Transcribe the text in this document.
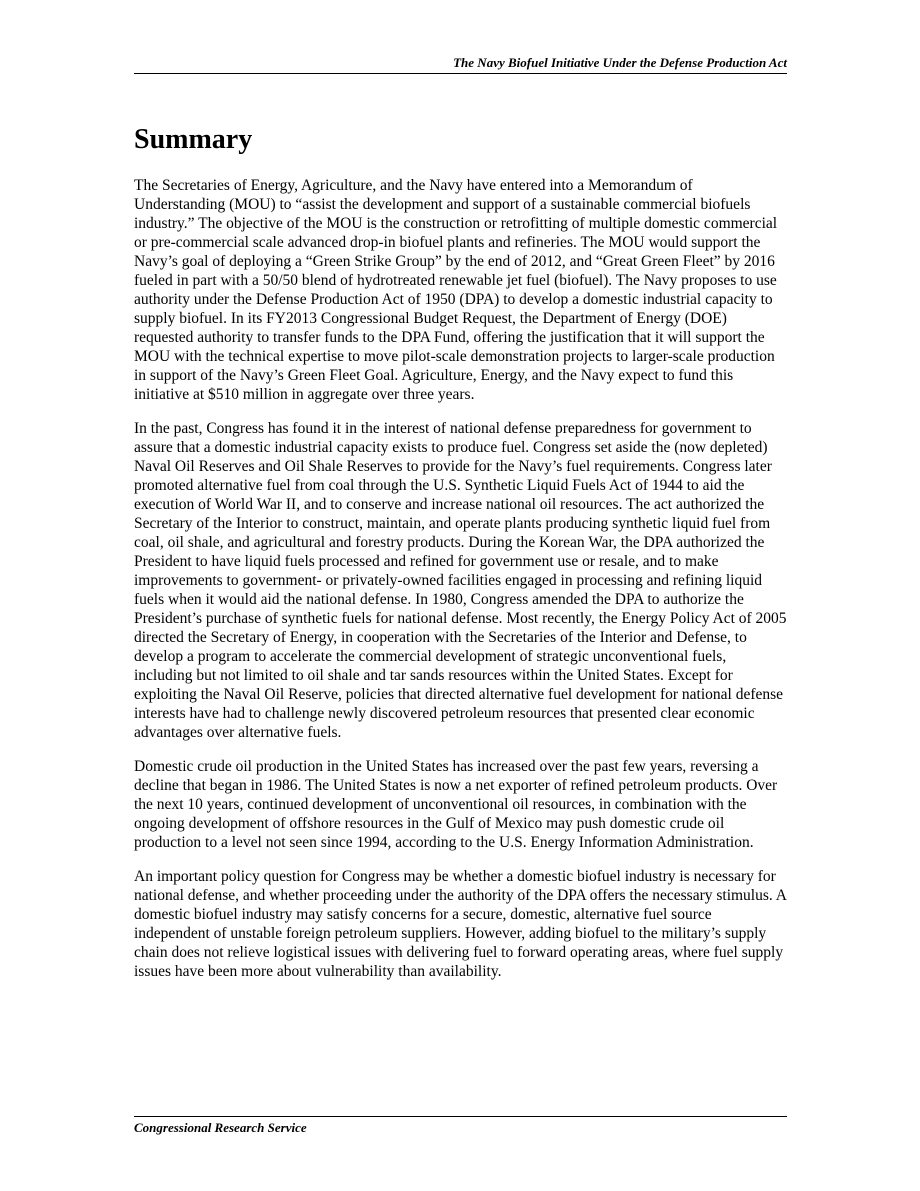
The Navy Biofuel Initiative Under the Defense Production Act
Summary

The Secretaries of Energy, Agriculture, and the Navy have entered into a Memorandum of Understanding (MOU) to “assist the development and support of a sustainable commercial biofuels industry.” The objective of the MOU is the construction or retrofitting of multiple domestic commercial or pre-commercial scale advanced drop-in biofuel plants and refineries. The MOU would support the Navy’s goal of deploying a “Green Strike Group” by the end of 2012, and “Great Green Fleet” by 2016 fueled in part with a 50/50 blend of hydrotreated renewable jet fuel (biofuel). The Navy proposes to use authority under the Defense Production Act of 1950 (DPA) to develop a domestic industrial capacity to supply biofuel. In its FY2013 Congressional Budget Request, the Department of Energy (DOE) requested authority to transfer funds to the DPA Fund, offering the justification that it will support the MOU with the technical expertise to move pilot-scale demonstration projects to larger-scale production in support of the Navy’s Green Fleet Goal. Agriculture, Energy, and the Navy expect to fund this initiative at $510 million in aggregate over three years.

In the past, Congress has found it in the interest of national defense preparedness for government to assure that a domestic industrial capacity exists to produce fuel. Congress set aside the (now depleted) Naval Oil Reserves and Oil Shale Reserves to provide for the Navy’s fuel requirements. Congress later promoted alternative fuel from coal through the U.S. Synthetic Liquid Fuels Act of 1944 to aid the execution of World War II, and to conserve and increase national oil resources. The act authorized the Secretary of the Interior to construct, maintain, and operate plants producing synthetic liquid fuel from coal, oil shale, and agricultural and forestry products. During the Korean War, the DPA authorized the President to have liquid fuels processed and refined for government use or resale, and to make improvements to government- or privately-owned facilities engaged in processing and refining liquid fuels when it would aid the national defense. In 1980, Congress amended the DPA to authorize the President’s purchase of synthetic fuels for national defense. Most recently, the Energy Policy Act of 2005 directed the Secretary of Energy, in cooperation with the Secretaries of the Interior and Defense, to develop a program to accelerate the commercial development of strategic unconventional fuels, including but not limited to oil shale and tar sands resources within the United States. Except for exploiting the Naval Oil Reserve, policies that directed alternative fuel development for national defense interests have had to challenge newly discovered petroleum resources that presented clear economic advantages over alternative fuels.

Domestic crude oil production in the United States has increased over the past few years, reversing a decline that began in 1986. The United States is now a net exporter of refined petroleum products. Over the next 10 years, continued development of unconventional oil resources, in combination with the ongoing development of offshore resources in the Gulf of Mexico may push domestic crude oil production to a level not seen since 1994, according to the U.S. Energy Information Administration.

An important policy question for Congress may be whether a domestic biofuel industry is necessary for national defense, and whether proceeding under the authority of the DPA offers the necessary stimulus. A domestic biofuel industry may satisfy concerns for a secure, domestic, alternative fuel source independent of unstable foreign petroleum suppliers. However, adding biofuel to the military’s supply chain does not relieve logistical issues with delivering fuel to forward operating areas, where fuel supply issues have been more about vulnerability than availability.

Congressional Research Service
